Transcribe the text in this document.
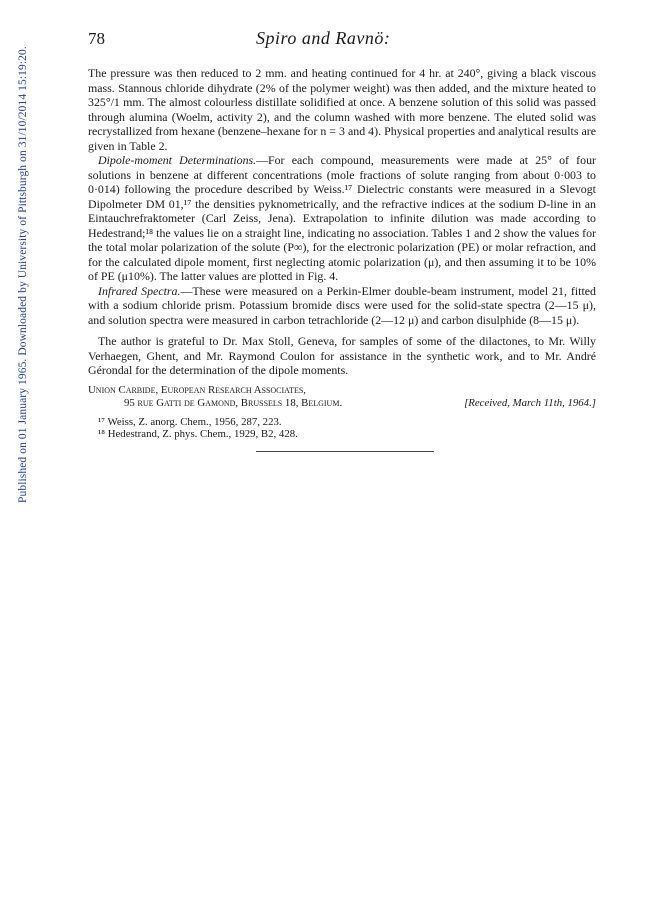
Published on 01 January 1965. Downloaded by University of Pittsburgh on 31/10/2014 15:19:20.
78	Spiro and Ravnö:

The pressure was then reduced to 2 mm. and heating continued for 4 hr. at 240°, giving a black viscous mass. Stannous chloride dihydrate (2% of the polymer weight) was then added, and the mixture heated to 325°/1 mm. The almost colourless distillate solidified at once. A benzene solution of this solid was passed through alumina (Woelm, activity 2), and the column washed with more benzene. The eluted solid was recrystallized from hexane (benzene–hexane for n = 3 and 4). Physical properties and analytical results are given in Table 2.

Dipole-moment Determinations.—For each compound, measurements were made at 25° of four solutions in benzene at different concentrations (mole fractions of solute ranging from about 0·003 to 0·014) following the procedure described by Weiss.¹⁷ Dielectric constants were measured in a Slevogt Dipolmeter DM 01,¹⁷ the densities pyknometrically, and the refractive indices at the sodium D-line in an Eintauchrefraktometer (Carl Zeiss, Jena). Extrapolation to infinite dilution was made according to Hedestrand;¹⁸ the values lie on a straight line, indicating no association. Tables 1 and 2 show the values for the total molar polarization of the solute (P∞), for the electronic polarization (PE) or molar refraction, and for the calculated dipole moment, first neglecting atomic polarization (μ), and then assuming it to be 10% of PE (μ10%). The latter values are plotted in Fig. 4.

Infrared Spectra.—These were measured on a Perkin-Elmer double-beam instrument, model 21, fitted with a sodium chloride prism. Potassium bromide discs were used for the solid-state spectra (2—15 μ), and solution spectra were measured in carbon tetrachloride (2—12 μ) and carbon disulphide (8—15 μ).

The author is grateful to Dr. Max Stoll, Geneva, for samples of some of the dilactones, to Mr. Willy Verhaegen, Ghent, and Mr. Raymond Coulon for assistance in the synthetic work, and to Mr. André Gérondal for the determination of the dipole moments.

Union Carbide, European Research Associates,
95 rue Gatti de Gamond, Brussels 18, Belgium.	[Received, March 11th, 1964.]
¹⁷ Weiss, Z. anorg. Chem., 1956, 287, 223.
¹⁸ Hedestrand, Z. phys. Chem., 1929, B2, 428.
